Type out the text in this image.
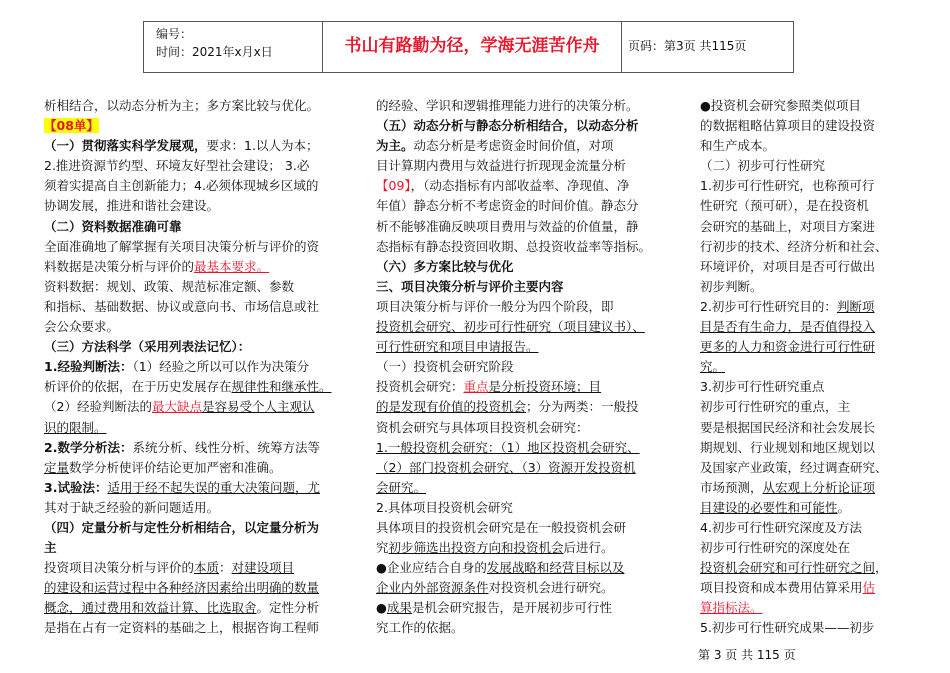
编号：
时间：2021年x月x日	书山有路勤为径，学海无涯苦作舟	页码：第3页 共115页

析相结合，以动态分析为主；多方案比较与优化。

【08单】

（一）贯彻落实科学发展观，要求：1.以人为本；

2.推进资源节约型、环境友好型社会建设； 3.必

须着实提高自主创新能力；4.必须体现城乡区域的

协调发展，推进和谐社会建设。

（二）资料数据准确可靠

全面准确地了解掌握有关项目决策分析与评价的资

料数据是决策分析与评价的最基本要求。

资料数据：规划、政策、规范标准定额、参数

和指标、基础数据、协议或意向书、市场信息或社

会公众要求。

（三）方法科学（采用列表法记忆）：

1.经验判断法：（1）经验之所以可以作为决策分

析评价的依据，在于历史发展存在规律性和继承性。

（2）经验判断法的最大缺点是容易受个人主观认

识的限制。

2.数学分析法：系统分析、线性分析、统筹方法等

定量数学分析使评价结论更加严密和准确。

3.试验法：适用于经不起失误的重大决策问题，尤

其对于缺乏经验的新问题适用。

（四）定量分析与定性分析相结合，以定量分析为

主

投资项目决策分析与评价的本质：对建设项目

的建设和运营过程中各种经济因素给出明确的数量

概念，通过费用和效益计算、比选取舍。定性分析

是指在占有一定资料的基础之上，根据咨询工程师

的经验、学识和逻辑推理能力进行的决策分析。

（五）动态分析与静态分析相结合，以动态分析

为主。动态分析是考虑资金时间价值，对项

目计算期内费用与效益进行折现现金流量分析

【09】，（动态指标有内部收益率、净现值、净

年值）静态分析不考虑资金的时间价值。静态分

析不能够准确反映项目费用与效益的价值量，静

态指标有静态投资回收期、总投资收益率等指标。

（六）多方案比较与优化

三、项目决策分析与评价主要内容

项目决策分析与评价一般分为四个阶段，即

投资机会研究、初步可行性研究（项目建议书）、

可行性研究和项目申请报告。

（一）投资机会研究阶段

投资机会研究：重点是分析投资环境；目

的是发现有价值的投资机会；分为两类：一般投

资机会研究与具体项目投资机会研究：

1.一般投资机会研究：（1）地区投资机会研究、

（2）部门投资机会研究、（3）资源开发投资机

会研究。

2.具体项目投资机会研究

具体项目的投资机会研究是在一般投资机会研

究初步筛选出投资方向和投资机会后进行。

●企业应结合自身的发展战略和经营目标以及

企业内外部资源条件对投资机会进行研究。

●成果是机会研究报告，是开展初步可行性

究工作的依据。

●投资机会研究参照类似项目

的数据粗略估算项目的建设投资

和生产成本。

（二）初步可行性研究

1.初步可行性研究，也称预可行

性研究（预可研），是在投资机

会研究的基础上，对项目方案进

行初步的技术、经济分析和社会、

环境评价，对项目是否可行做出

初步判断。

2.初步可行性研究目的：判断项

目是否有生命力，是否值得投入

更多的人力和资金进行可行性研

究。

3.初步可行性研究重点

初步可行性研究的重点，主

要是根据国民经济和社会发展长

期规划、行业规划和地区规划以

及国家产业政策，经过调查研究、

市场预测，从宏观上分析论证项

目建设的必要性和可能性。

4.初步可行性研究深度及方法

初步可行性研究的深度处在

投资机会研究和可行性研究之间，

项目投资和成本费用估算采用估

算指标法。

5.初步可行性研究成果——初步

第 3 页 共 115 页
